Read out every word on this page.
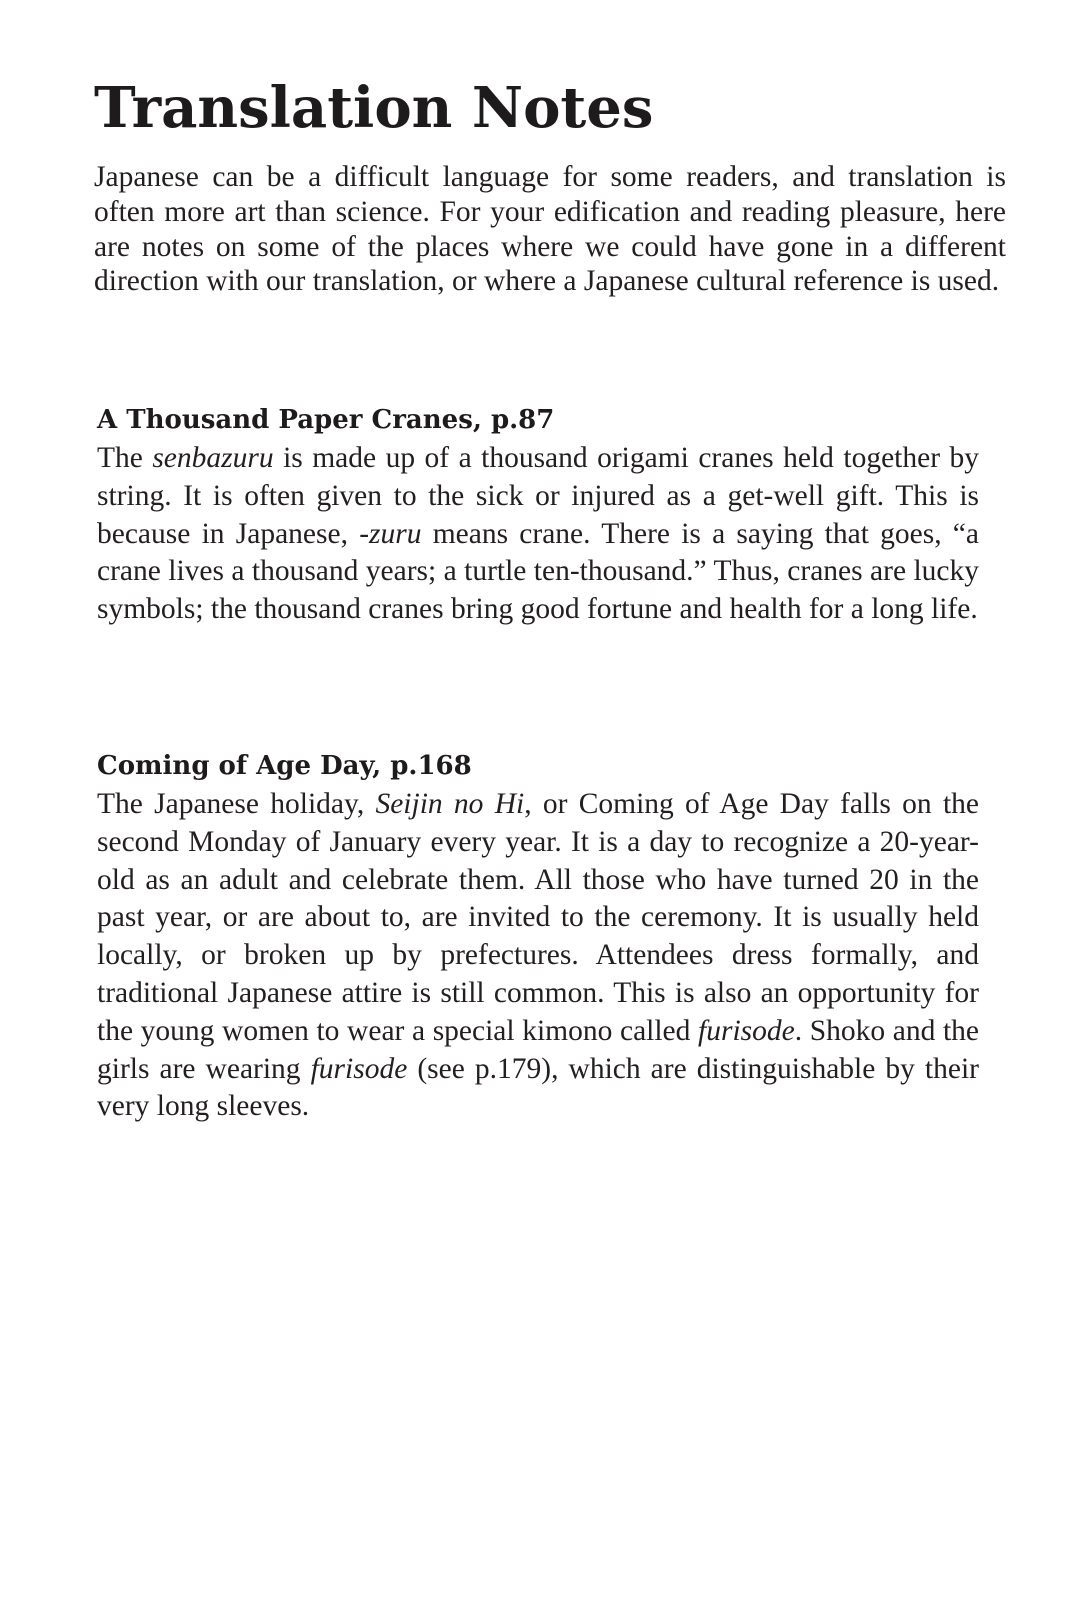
Translation Notes

Japanese can be a difficult language for some readers, and translation is often more art than science. For your edification and reading pleasure, here are notes on some of the places where we could have gone in a different direction with our translation, or where a Japanese cultural reference is used.

A Thousand Paper Cranes, p.87

The senbazuru is made up of a thousand origami cranes held together by string. It is often given to the sick or injured as a get-well gift. This is because in Japanese, -zuru means crane. There is a saying that goes, “a crane lives a thousand years; a turtle ten-thousand.” Thus, cranes are lucky symbols; the thousand cranes bring good fortune and health for a long life.

Coming of Age Day, p.168

The Japanese holiday, Seijin no Hi, or Coming of Age Day falls on the second Monday of January every year. It is a day to recognize a 20-year-old as an adult and celebrate them. All those who have turned 20 in the past year, or are about to, are invited to the ceremony. It is usually held locally, or broken up by prefectures. Attendees dress formally, and traditional Japanese attire is still common. This is also an opportunity for the young women to wear a special kimono called furisode. Shoko and the girls are wearing furisode (see p.179), which are distinguishable by their very long sleeves.
